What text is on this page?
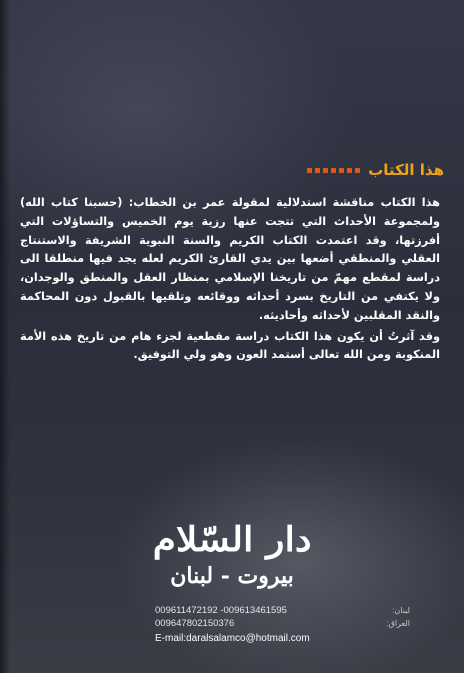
هذا الكتاب

هذا الكتاب مناقشة استدلالية لمقولة عمر بن الخطاب: (حسبنا كتاب الله) ولمجموعة الأحداث التي تتجت عنها رزية يوم الخميس والتساؤلات التي أفرزتها، وقد اعتمدت الكتاب الكريم والسنة النبوية الشريفة والاستنتاج العقلي والمنطقي أضعها بين يدي القارئ الكريم لعله يجد فيها منطلقا الى دراسة لمقطع مهمّ من تاريخنا الإسلامي بمنظار العقل والمنطق والوجدان، ولا يكتفي من التاريخ بسرد أحداثه ووقائعه وتلقيها بالقبول دون المحاكمة والنقد المقلبين لأحداثه وأحاديثه.

وقد آثرتُ أن يكون هذا الكتاب دراسة مقطعية لجزء هام من تاريخ هذه الأمة المنكوبة ومن الله تعالى أستمد العون وهو ولي التوفيق.

دار السّلام
بيروت - لبنان
009611472192 -009613461595	لبنان:
009647802150376	العراق:
E-mail:daralsalamco@hotmail.com
